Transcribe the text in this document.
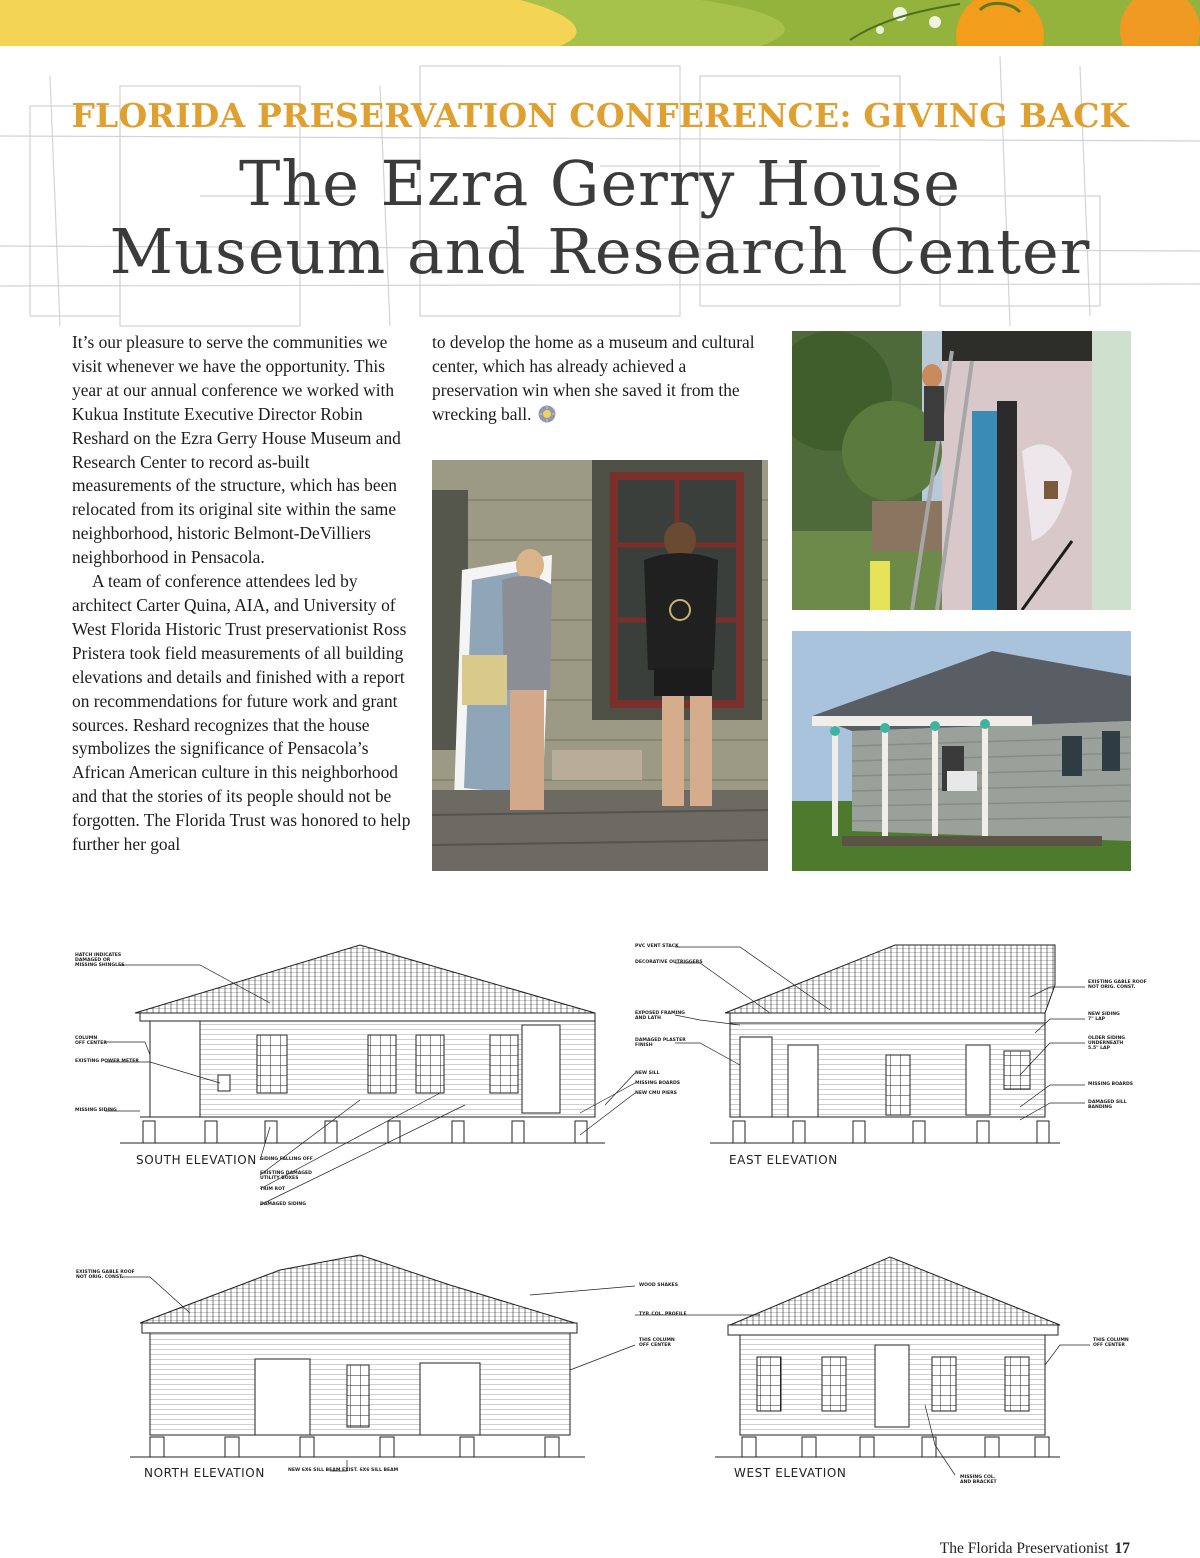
FLORIDA PRESERVATION CONFERENCE: GIVING BACK
The Ezra Gerry House
Museum and Research Center

It’s our pleasure to serve the communities we visit whenever we have the opportunity. This year at our annual conference we worked with Kukua Institute Executive Director Robin Reshard on the Ezra Gerry House Museum and Research Center to record as-built measurements of the structure, which has been relocated from its original site within the same neighborhood, historic Belmont-DeVilliers neighborhood in Pensacola.

A team of conference attendees led by architect Carter Quina, AIA, and University of West Florida Historic Trust preservationist Ross Pristera took field measurements of all building elevations and details and finished with a report on recommendations for future work and grant sources. Reshard recognizes that the house symbolizes the significance of Pensacola’s African American culture in this neighborhood and that the stories of its people should not be forgotten. The Florida Trust was honored to help further her goal

to develop the home as a museum and cultural center, which has already achieved a preservation win when she saved it from the wrecking ball.

SOUTH ELEVATION	EAST ELEVATION
NORTH ELEVATION	WEST ELEVATION
HATCH INDICATES
DAMAGED OR
MISSING SHINGLES
COLUMN
OFF CENTER
EXISTING POWER METER
MISSING SIDING
SIDING FALLING OFF
EXISTING DAMAGED
UTILITY BOXES
TRIM ROT
DAMAGED SIDING
PVC VENT STACK
DECORATIVE OUTRIGGERS
EXPOSED FRAMING
AND LATH
DAMAGED PLASTER
FINISH
NEW SILL
MISSING BOARDS
NEW CMU PIERS
EXISTING GABLE ROOF
NOT ORIG. CONST.
NEW SIDING
7" LAP
OLDER SIDING
UNDERNEATH
5.5" LAP
MISSING BOARDS
DAMAGED SILL BANDING
EXISTING GABLE ROOF
NOT ORIG. CONST.
NEW 6X6 SILL BEAM EXIST. 6X6 SILL BEAM
WOOD SHAKES
TYP. COL. PROFILE
THIS COLUMN
OFF CENTER
THIS COLUMN
OFF CENTER
MISSING COL.
AND BRACKET
The Florida Preservationist 17
